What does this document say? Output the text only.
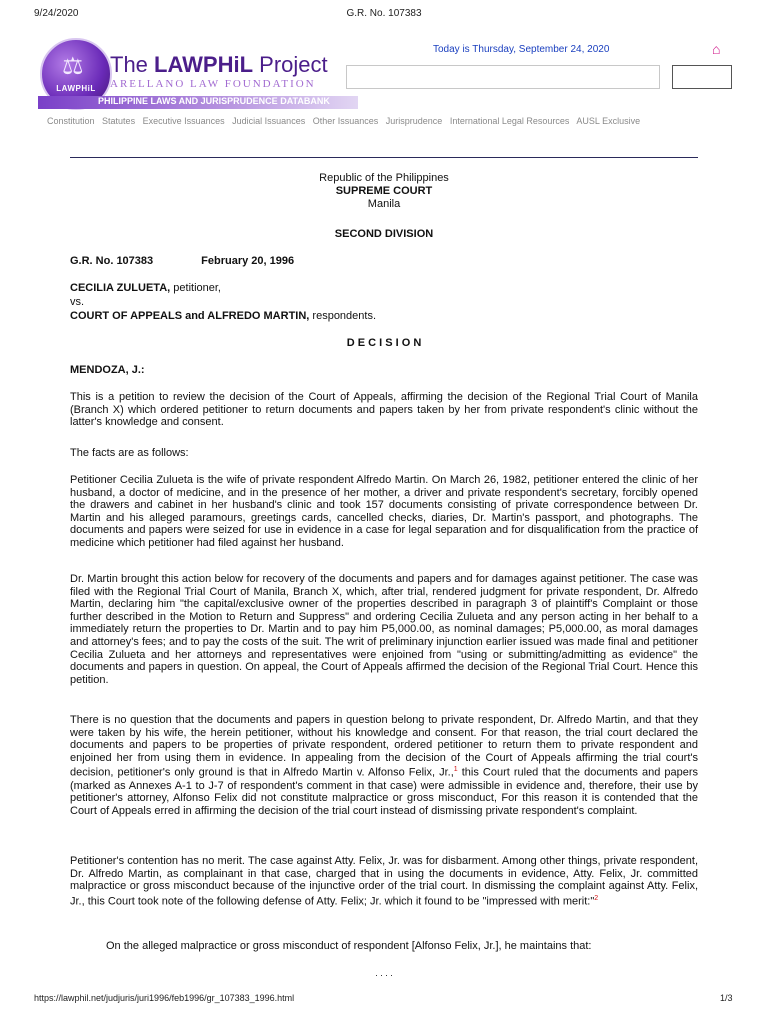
9/24/2020	G.R. No. 107383
⚖
LAWPHiL
The LAWPHiL Project
ARELLANO LAW FOUNDATION
PHILIPPINE LAWS AND JURISPRUDENCE DATABANK
Today is Thursday, September 24, 2020	⌂
Constitution Statutes Executive Issuances Judicial Issuances Other Issuances Jurisprudence International Legal Resources AUSL Exclusive
Republic of the Philippines
SUPREME COURT
Manila
SECOND DIVISION
G.R. No. 107383	February 20, 1996
CECILIA ZULUETA, petitioner,
vs.
COURT OF APPEALS and ALFREDO MARTIN, respondents.
D E C I S I O N
MENDOZA, J.:
This is a petition to review the decision of the Court of Appeals, affirming the decision of the Regional Trial Court of Manila (Branch X) which ordered petitioner to return documents and papers taken by her from private respondent's clinic without the latter's knowledge and consent.
The facts are as follows:
Petitioner Cecilia Zulueta is the wife of private respondent Alfredo Martin. On March 26, 1982, petitioner entered the clinic of her husband, a doctor of medicine, and in the presence of her mother, a driver and private respondent's secretary, forcibly opened the drawers and cabinet in her husband's clinic and took 157 documents consisting of private correspondence between Dr. Martin and his alleged paramours, greetings cards, cancelled checks, diaries, Dr. Martin's passport, and photographs. The documents and papers were seized for use in evidence in a case for legal separation and for disqualification from the practice of medicine which petitioner had filed against her husband.
Dr. Martin brought this action below for recovery of the documents and papers and for damages against petitioner. The case was filed with the Regional Trial Court of Manila, Branch X, which, after trial, rendered judgment for private respondent, Dr. Alfredo Martin, declaring him "the capital/exclusive owner of the properties described in paragraph 3 of plaintiff's Complaint or those further described in the Motion to Return and Suppress" and ordering Cecilia Zulueta and any person acting in her behalf to a immediately return the properties to Dr. Martin and to pay him P5,000.00, as nominal damages; P5,000.00, as moral damages and attorney's fees; and to pay the costs of the suit. The writ of preliminary injunction earlier issued was made final and petitioner Cecilia Zulueta and her attorneys and representatives were enjoined from "using or submitting/admitting as evidence" the documents and papers in question. On appeal, the Court of Appeals affirmed the decision of the Regional Trial Court. Hence this petition.
There is no question that the documents and papers in question belong to private respondent, Dr. Alfredo Martin, and that they were taken by his wife, the herein petitioner, without his knowledge and consent. For that reason, the trial court declared the documents and papers to be properties of private respondent, ordered petitioner to return them to private respondent and enjoined her from using them in evidence. In appealing from the decision of the Court of Appeals affirming the trial court's decision, petitioner's only ground is that in Alfredo Martin v. Alfonso Felix, Jr.,$^1$ this Court ruled that the documents and papers (marked as Annexes A-1 to J-7 of respondent's comment in that case) were admissible in evidence and, therefore, their use by petitioner's attorney, Alfonso Felix did not constitute malpractice or gross misconduct, For this reason it is contended that the Court of Appeals erred in affirming the decision of the trial court instead of dismissing private respondent's complaint.
Petitioner's contention has no merit. The case against Atty. Felix, Jr. was for disbarment. Among other things, private respondent, Dr. Alfredo Martin, as complainant in that case, charged that in using the documents in evidence, Atty. Felix, Jr. committed malpractice or gross misconduct because of the injunctive order of the trial court. In dismissing the complaint against Atty. Felix, Jr., this Court took note of the following defense of Atty. Felix; Jr. which it found to be "impressed with merit:"$^2$
On the alleged malpractice or gross misconduct of respondent [Alfonso Felix, Jr.], he maintains that:
. . . .
https://lawphil.net/judjuris/juri1996/feb1996/gr_107383_1996.html	1/3
